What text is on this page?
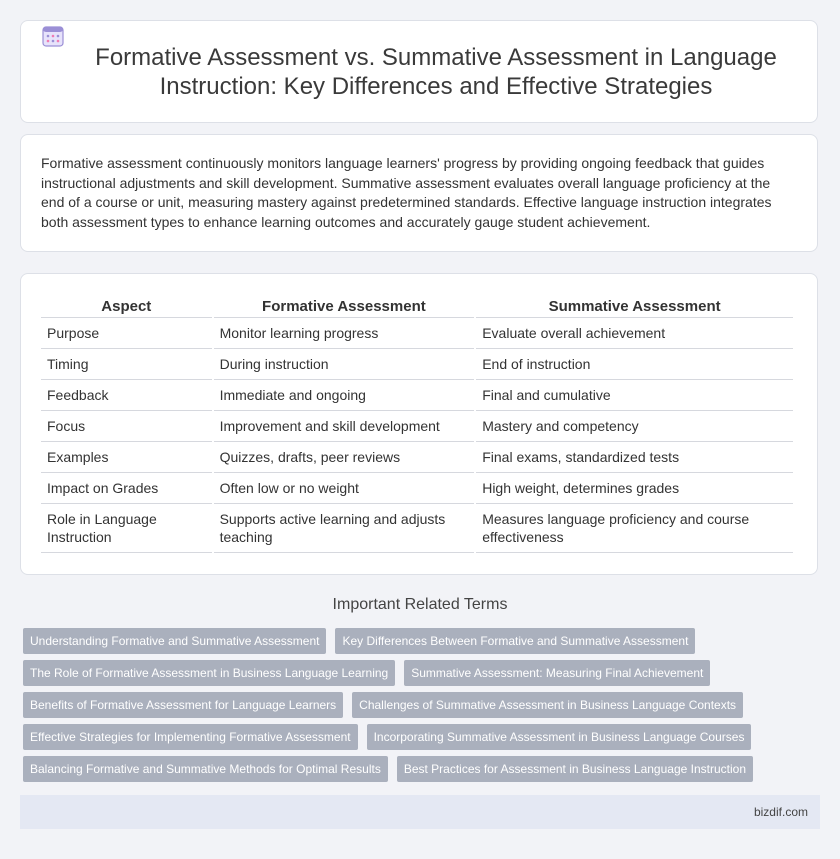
Formative Assessment vs. Summative Assessment in Language Instruction: Key Differences and Effective Strategies

Formative assessment continuously monitors language learners' progress by providing ongoing feedback that guides instructional adjustments and skill development. Summative assessment evaluates overall language proficiency at the end of a course or unit, measuring mastery against predetermined standards. Effective language instruction integrates both assessment types to enhance learning outcomes and accurately gauge student achievement.

Aspect	Formative Assessment	Summative Assessment
Purpose	Monitor learning progress	Evaluate overall achievement
Timing	During instruction	End of instruction
Feedback	Immediate and ongoing	Final and cumulative
Focus	Improvement and skill development	Mastery and competency
Examples	Quizzes, drafts, peer reviews	Final exams, standardized tests
Impact on Grades	Often low or no weight	High weight, determines grades
Role in Language Instruction	Supports active learning and adjusts teaching	Measures language proficiency and course effectiveness
Important Related Terms
Understanding Formative and Summative Assessment	Key Differences Between Formative and Summative Assessment
The Role of Formative Assessment in Business Language Learning	Summative Assessment: Measuring Final Achievement
Benefits of Formative Assessment for Language Learners	Challenges of Summative Assessment in Business Language Contexts
Effective Strategies for Implementing Formative Assessment	Incorporating Summative Assessment in Business Language Courses
Balancing Formative and Summative Methods for Optimal Results	Best Practices for Assessment in Business Language Instruction
bizdif.com
